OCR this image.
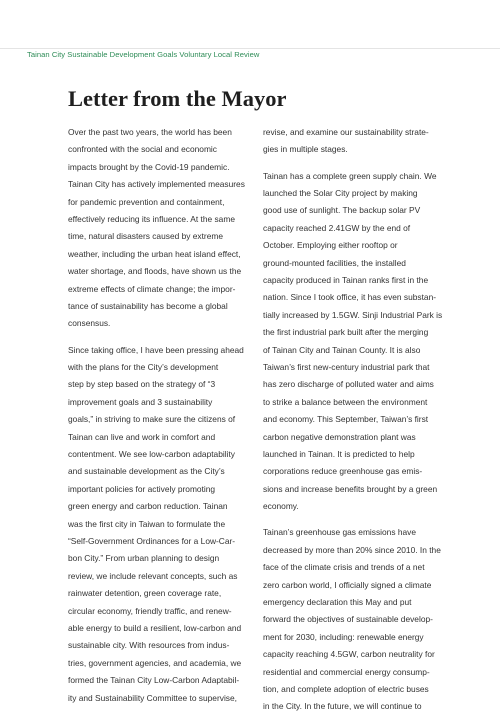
Tainan City Sustainable Development Goals Voluntary Local Review
Letter from the Mayor

Over the past two years, the world has been
confronted with the social and economic
impacts brought by the Covid-19 pandemic.
Tainan City has actively implemented measures
for pandemic prevention and containment,
effectively reducing its influence. At the same
time, natural disasters caused by extreme
weather, including the urban heat island effect,
water shortage, and floods, have shown us the
extreme effects of climate change; the impor-
tance of sustainability has become a global
consensus.

Since taking office, I have been pressing ahead
with the plans for the City’s development
step by step based on the strategy of “3
improvement goals and 3 sustainability
goals,” in striving to make sure the citizens of
Tainan can live and work in comfort and
contentment. We see low-carbon adaptability
and sustainable development as the City’s
important policies for actively promoting
green energy and carbon reduction. Tainan
was the first city in Taiwan to formulate the
“Self-Government Ordinances for a Low-Car-
bon City.” From urban planning to design
review, we include relevant concepts, such as
rainwater detention, green coverage rate,
circular economy, friendly traffic, and renew-
able energy to build a resilient, low-carbon and
sustainable city. With resources from indus-
tries, government agencies, and academia, we
formed the Tainan City Low-Carbon Adaptabil-
ity and Sustainability Committee to supervise,

revise, and examine our sustainability strate-
gies in multiple stages.

Tainan has a complete green supply chain. We
launched the Solar City project by making
good use of sunlight. The backup solar PV
capacity reached 2.41GW by the end of
October. Employing either rooftop or
ground-mounted facilities, the installed
capacity produced in Tainan ranks first in the
nation. Since I took office, it has even substan-
tially increased by 1.5GW. Sinji Industrial Park is
the first industrial park built after the merging
of Tainan City and Tainan County. It is also
Taiwan’s first new-century industrial park that
has zero discharge of polluted water and aims
to strike a balance between the environment
and economy. This September, Taiwan’s first
carbon negative demonstration plant was
launched in Tainan. It is predicted to help
corporations reduce greenhouse gas emis-
sions and increase benefits brought by a green
economy.

Tainan’s greenhouse gas emissions have
decreased by more than 20% since 2010. In the
face of the climate crisis and trends of a net
zero carbon world, I officially signed a climate
emergency declaration this May and put
forward the objectives of sustainable develop-
ment for 2030, including: renewable energy
capacity reaching 4.5GW, carbon neutrality for
residential and commercial energy consump-
tion, and complete adoption of electric buses
in the City. In the future, we will continue to
